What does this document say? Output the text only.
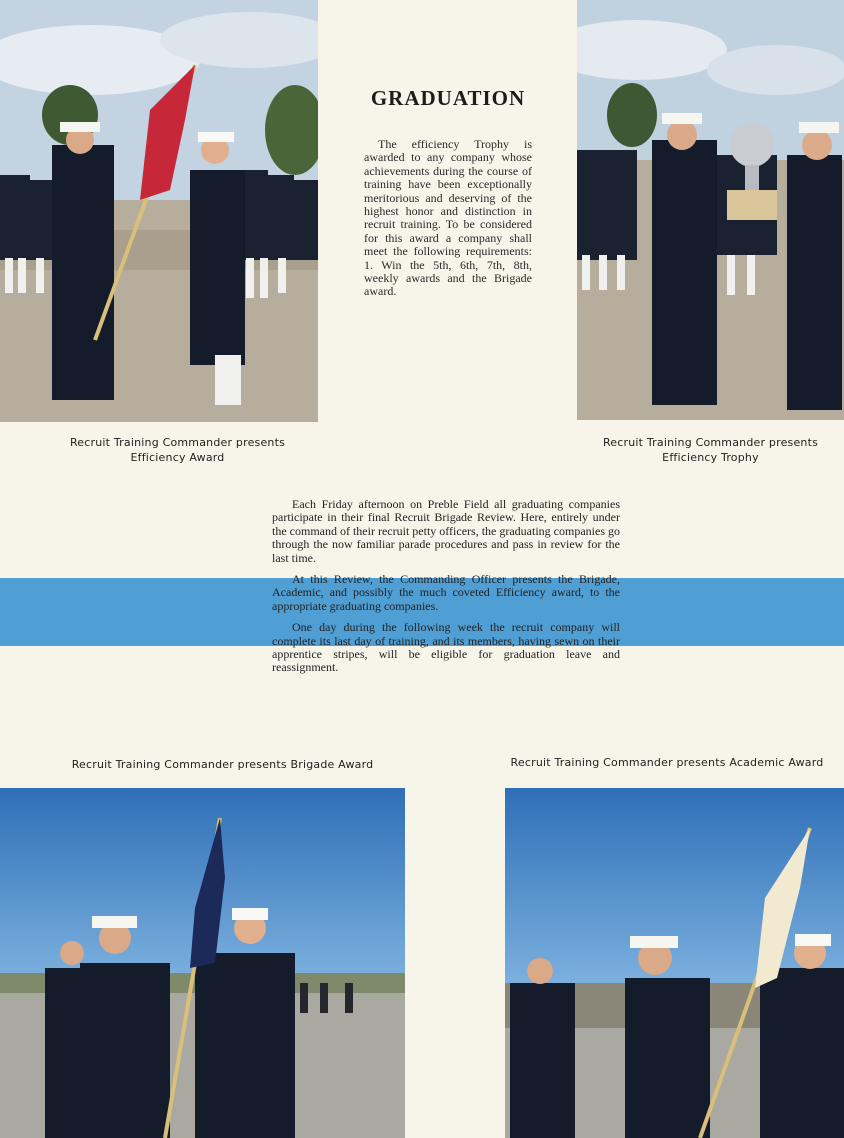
GRADUATION

The efficiency Trophy is awarded to any company whose achievements during the course of training have been exceptionally meritorious and deserving of the highest honor and distinction in recruit training. To be considered for this award a company shall meet the following requirements: 1. Win the 5th, 6th, 7th, 8th, weekly awards and the Brigade award.

Recruit Training Commander presents
Efficiency Award
Recruit Training Commander presents
Efficiency Trophy

Each Friday afternoon on Preble Field all graduating companies participate in their final Recruit Brigade Review. Here, entirely under the command of their recruit petty officers, the graduating companies go through the now familiar parade procedures and pass in review for the last time.

At this Review, the Commanding Officer presents the Brigade, Academic, and possibly the much coveted Efficiency award, to the appropriate graduating companies.

One day during the following week the recruit company will complete its last day of training, and its members, having sewn on their apprentice stripes, will be eligible for graduation leave and reassignment.

Recruit Training Commander presents Brigade Award	Recruit Training Commander presents Academic Award
